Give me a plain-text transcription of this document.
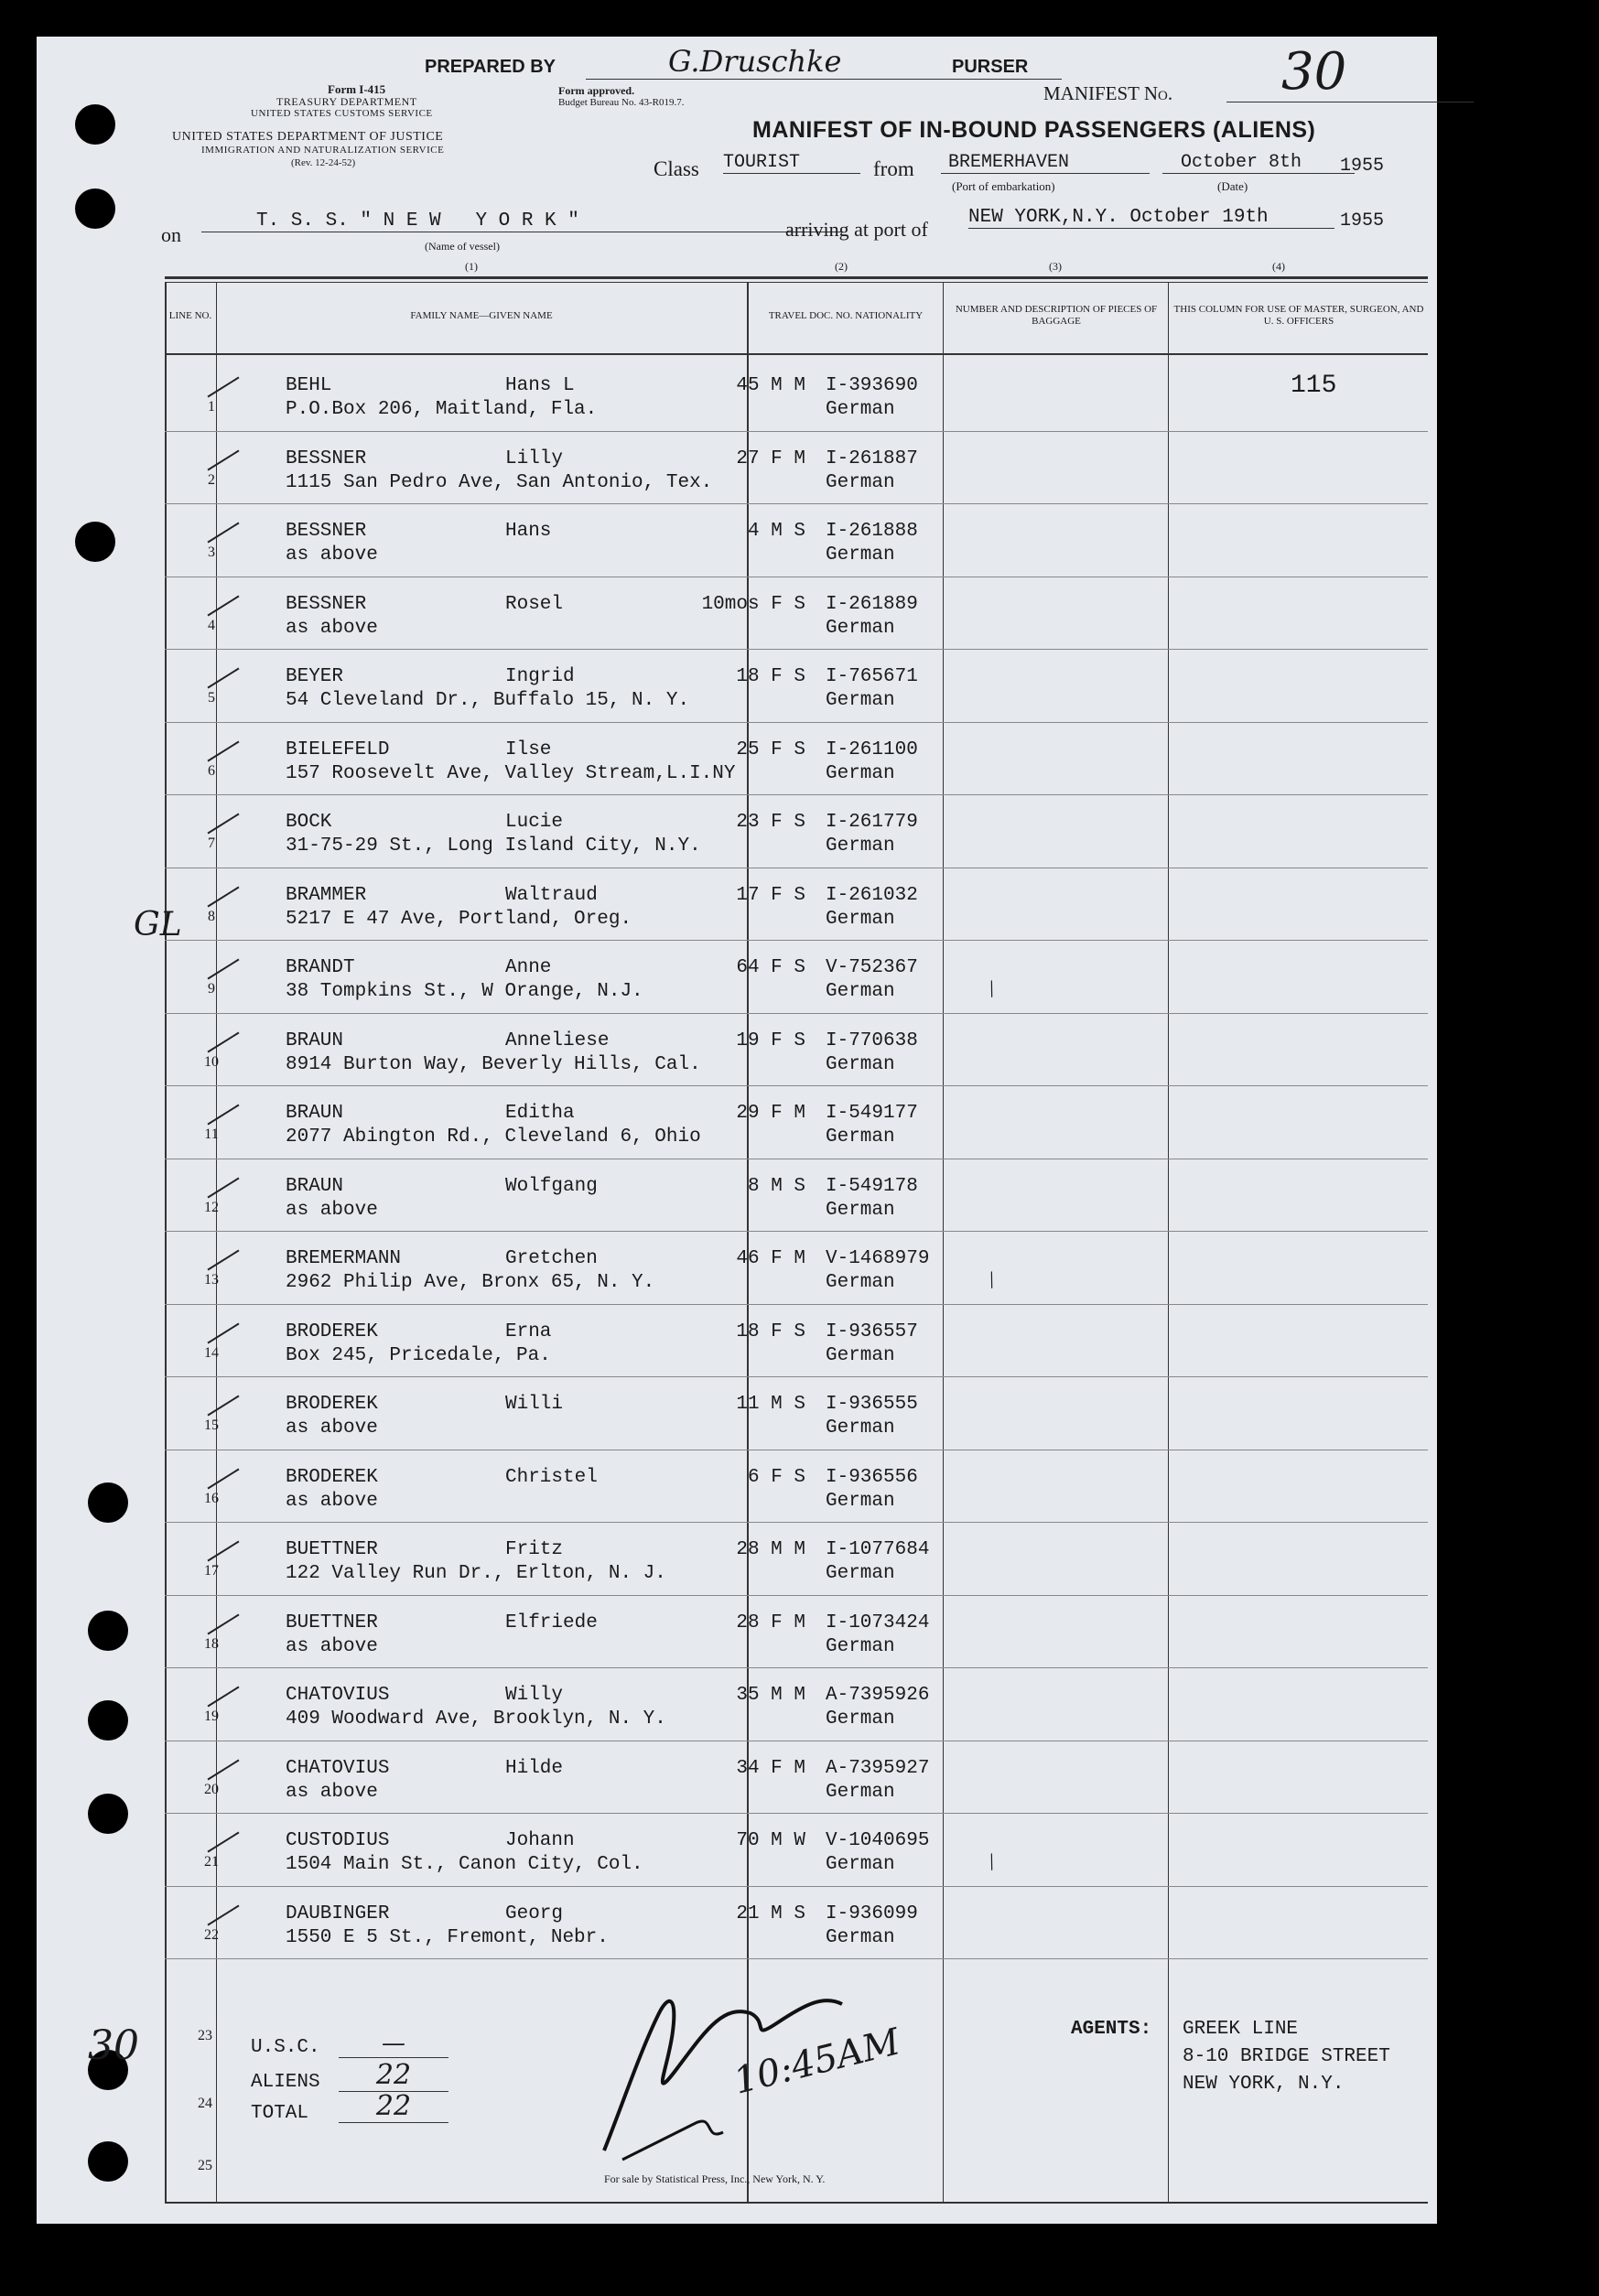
PREPARED BY	G.Druschke	PURSER
MANIFEST No.	30
Form I-415
TREASURY DEPARTMENT
UNITED STATES CUSTOMS SERVICE
Form approved.
Budget Bureau No. 43-R019.7.
UNITED STATES DEPARTMENT OF JUSTICE
IMMIGRATION AND NATURALIZATION SERVICE
(Rev. 12-24-52)
MANIFEST OF IN-BOUND PASSENGERS (ALIENS)
Class TOURIST	from	BREMERHAVEN
(Port of embarkation)
October 8th
(Date)
1955
on
T. S. S. " N E W   Y O R K "
(Name of vessel)
arriving at port of
NEW YORK,N.Y. October 19th	1955
(1)	(2)	(3)	(4)
LINE NO.	FAMILY NAME—GIVEN NAME	TRAVEL DOC. NO. NATIONALITY
NUMBER AND DESCRIPTION OF PIECES OF BAGGAGE
THIS COLUMN FOR USE OF MASTER, SURGEON, AND U. S. OFFICERS
115
1
BEHL	Hans L	45 M M
P.O.Box 206, Maitland, Fla.
I-393690
German
2
BESSNER	Lilly	27 F M
1115 San Pedro Ave, San Antonio, Tex.
I-261887
German
3
BESSNER	Hans	4 M S
as above
I-261888
German
4
BESSNER	Rosel	10mos F S
as above
I-261889
German
5
BEYER	Ingrid	18 F S
54 Cleveland Dr., Buffalo 15, N. Y.
I-765671
German
6
BIELEFELD	Ilse	25 F S
157 Roosevelt Ave, Valley Stream,L.I.NY
I-261100
German
7
BOCK	Lucie	23 F S
31-75-29 St., Long Island City, N.Y.
I-261779
German
8
BRAMMER	Waltraud	17 F S
5217 E 47 Ave, Portland, Oreg.
I-261032
German
9
BRANDT	Anne	64 F S
38 Tompkins St., W Orange, N.J.
V-752367
German	/
10
BRAUN	Anneliese	19 F S
8914 Burton Way, Beverly Hills, Cal.
I-770638
German
11
BRAUN	Editha	29 F M
2077 Abington Rd., Cleveland 6, Ohio
I-549177
German
12
BRAUN	Wolfgang	8 M S
as above
I-549178
German
13
BREMERMANN	Gretchen	46 F M
2962 Philip Ave, Bronx 65, N. Y.
V-1468979
German	/
14
BRODEREK	Erna	18 F S
Box 245, Pricedale, Pa.
I-936557
German
15
BRODEREK	Willi	11 M S
as above
I-936555
German
16
BRODEREK	Christel	6 F S
as above
I-936556
German
17
BUETTNER	Fritz	28 M M
122 Valley Run Dr., Erlton, N. J.
I-1077684
German
18
BUETTNER	Elfriede	28 F M
as above
I-1073424
German
19
CHATOVIUS	Willy	35 M M
409 Woodward Ave, Brooklyn, N. Y.
A-7395926
German
20
CHATOVIUS	Hilde	34 F M
as above
A-7395927
German
21
CUSTODIUS	Johann	70 M W
1504 Main St., Canon City, Col.
V-1040695
German	/
22
DAUBINGER	Georg	21 M S
1550 E 5 St., Fremont, Nebr.
I-936099
German
23
24
25
U.S.C.	—
ALIENS	22
TOTAL	22
10:45AM
GL
30	AGENTS: GREEK LINE
8-10 BRIDGE STREET
NEW YORK, N.Y.
For sale by Statistical Press, Inc., New York, N. Y.
